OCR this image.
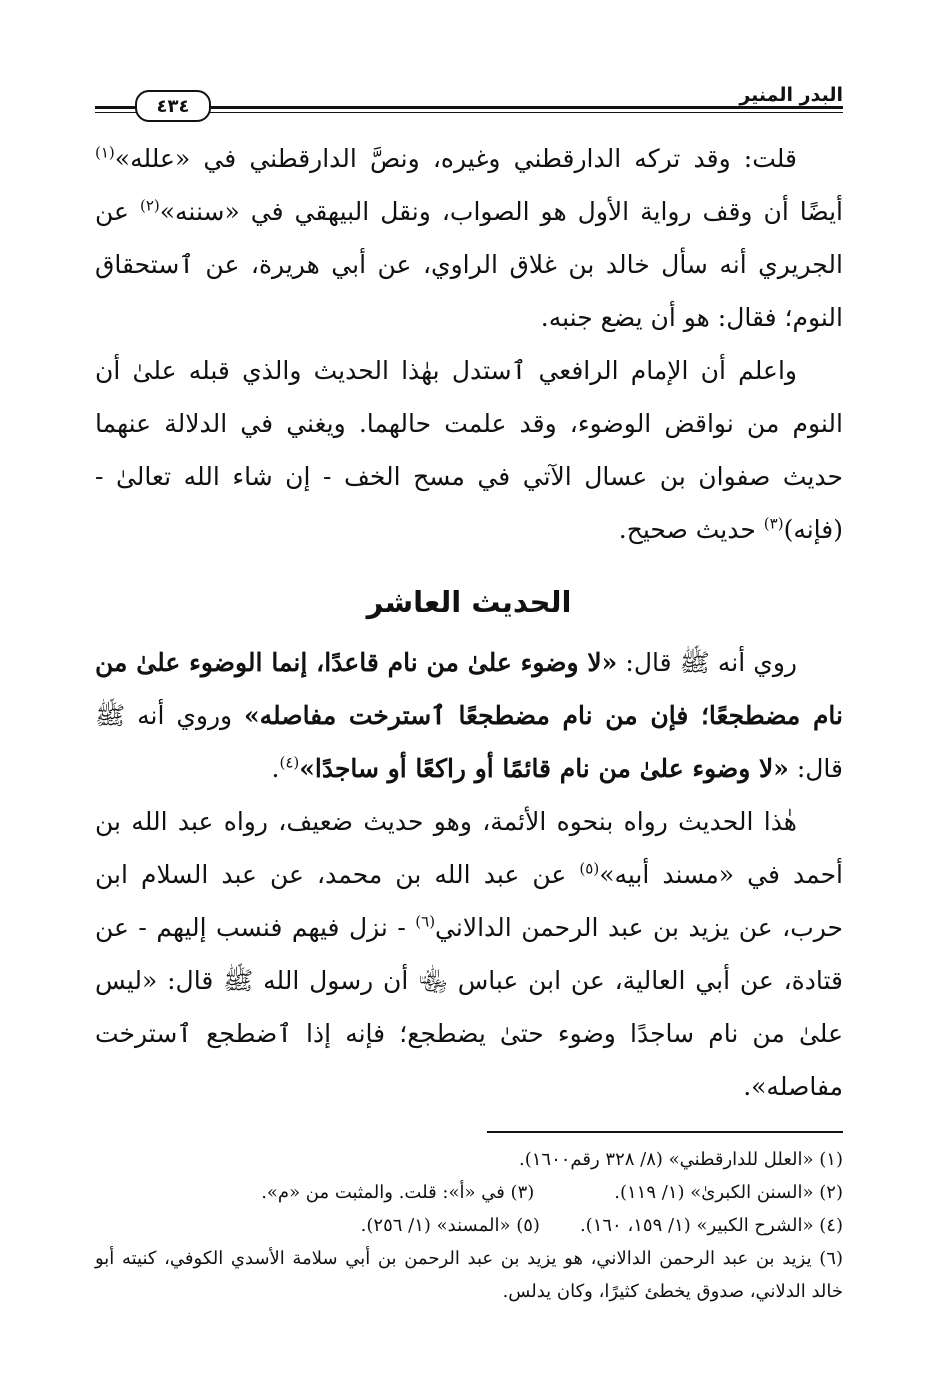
البدر المنير
٤٣٤

قلت: وقد تركه الدارقطني وغيره، ونصَّ الدارقطني في «علله»$^{(١)}$ أيضًا أن وقف رواية الأول هو الصواب، ونقل البيهقي في «سننه»$^{(٢)}$ عن الجريري أنه سأل خالد بن غلاق الراوي، عن أبي هريرة، عن ٱستحقاق النوم؛ فقال: هو أن يضع جنبه.

واعلم أن الإمام الرافعي ٱستدل بهٰذا الحديث والذي قبله علىٰ أن النوم من نواقض الوضوء، وقد علمت حالهما. ويغني في الدلالة عنهما حديث صفوان بن عسال الآتي في مسح الخف - إن شاء الله تعالىٰ - (فإنه)$^{(٣)}$ حديث صحيح.

الحديث العاشر

روي أنه ﷺ قال: «لا وضوء علىٰ من نام قاعدًا، إنما الوضوء علىٰ من نام مضطجعًا؛ فإن من نام مضطجعًا ٱسترخت مفاصله» وروي أنه ﷺ قال: «لا وضوء علىٰ من نام قائمًا أو راكعًا أو ساجدًا»$^{(٤)}$.

هٰذا الحديث رواه بنحوه الأئمة، وهو حديث ضعيف، رواه عبد الله بن أحمد في «مسند أبيه»$^{(٥)}$ عن عبد الله بن محمد، عن عبد السلام ابن حرب، عن يزيد بن عبد الرحمن الدالاني$^{(٦)}$ - نزل فيهم فنسب إليهم - عن قتادة، عن أبي العالية، عن ابن عباس ﵄ أن رسول الله ﷺ قال: «ليس علىٰ من نام ساجدًا وضوء حتىٰ يضطجع؛ فإنه إذا ٱضطجع ٱسترخت مفاصله».

(١) «العلل للدارقطني» (٨/ ٣٢٨ رقم١٦٠٠).
(٢) «السنن الكبرىٰ» (١/ ١١٩).
(٣) في «أ»: قلت. والمثبت من «م».
(٤) «الشرح الكبير» (١/ ١٥٩، ١٦٠).
(٥) «المسند» (١/ ٢٥٦).
(٦) يزيد بن عبد الرحمن الدالاني، هو يزيد بن عبد الرحمن بن أبي سلامة الأسدي الكوفي، كنيته أبو خالد الدلاني، صدوق يخطئ كثيرًا، وكان يدلس.
